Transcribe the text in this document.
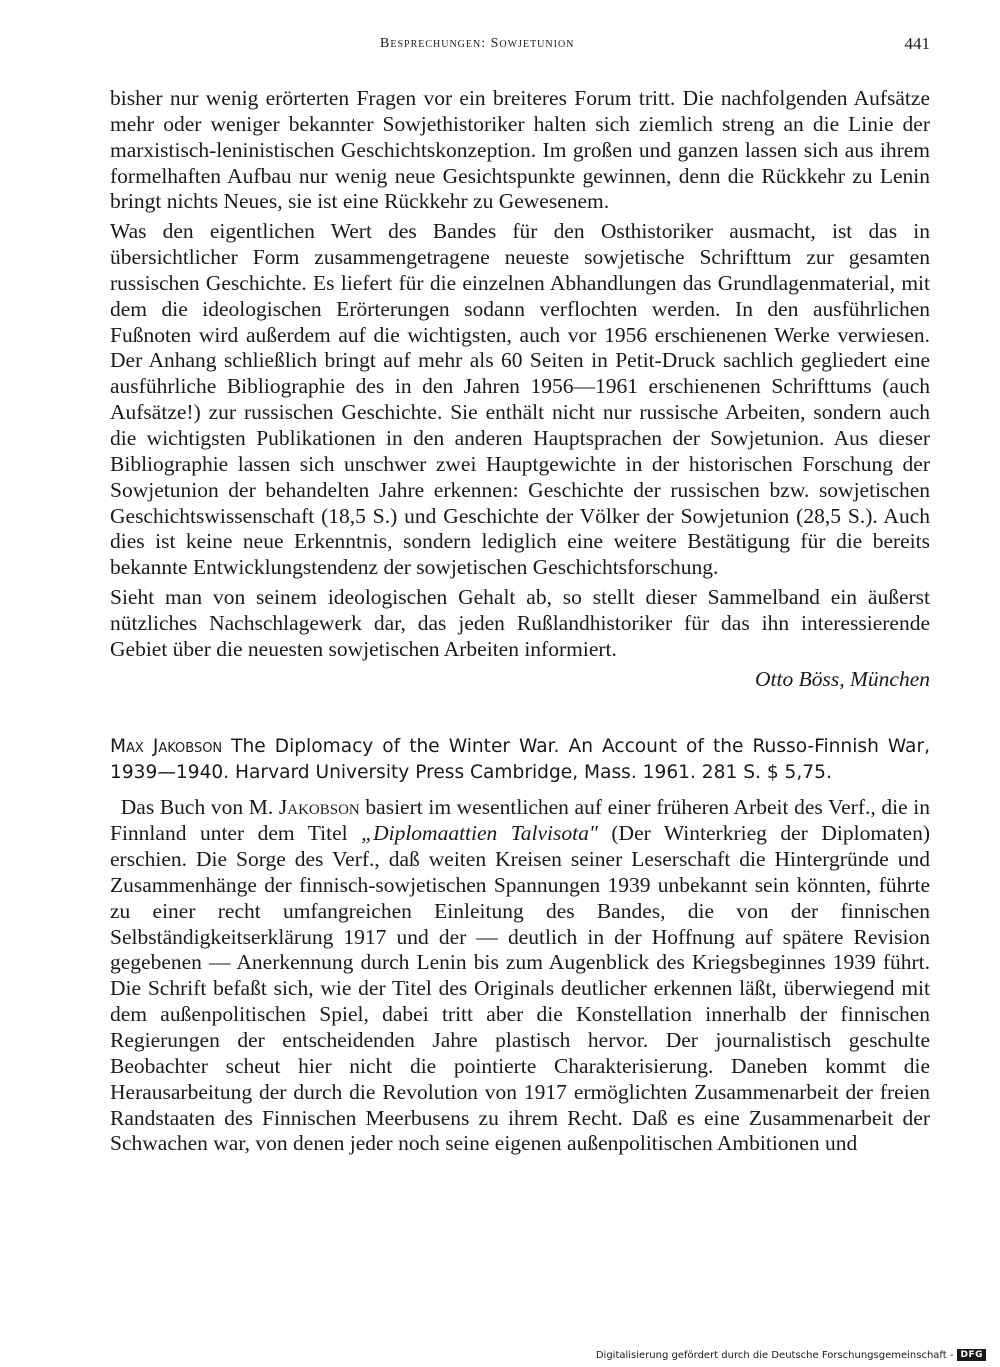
Besprechungen: Sowjetunion	441

bisher nur wenig erörterten Fragen vor ein breiteres Forum tritt. Die nachfolgenden Aufsätze mehr oder weniger bekannter Sowjethistoriker halten sich ziemlich streng an die Linie der marxistisch-leninistischen Geschichtskonzeption. Im großen und ganzen lassen sich aus ihrem formelhaften Aufbau nur wenig neue Gesichtspunkte gewinnen, denn die Rückkehr zu Lenin bringt nichts Neues, sie ist eine Rückkehr zu Gewesenem.

Was den eigentlichen Wert des Bandes für den Osthistoriker ausmacht, ist das in übersichtlicher Form zusammengetragene neueste sowjetische Schrifttum zur gesamten russischen Geschichte. Es liefert für die einzelnen Abhandlungen das Grundlagenmaterial, mit dem die ideologischen Erörterungen sodann verflochten werden. In den ausführlichen Fußnoten wird außerdem auf die wichtigsten, auch vor 1956 erschienenen Werke verwiesen. Der Anhang schließlich bringt auf mehr als 60 Seiten in Petit-Druck sachlich gegliedert eine ausführliche Bibliographie des in den Jahren 1956—1961 erschienenen Schrifttums (auch Aufsätze!) zur russischen Geschichte. Sie enthält nicht nur russische Arbeiten, sondern auch die wichtigsten Publikationen in den anderen Hauptsprachen der Sowjetunion. Aus dieser Bibliographie lassen sich unschwer zwei Hauptgewichte in der historischen Forschung der Sowjetunion der behandelten Jahre erkennen: Geschichte der russischen bzw. sowjetischen Geschichtswissenschaft (18,5 S.) und Geschichte der Völker der Sowjetunion (28,5 S.). Auch dies ist keine neue Erkenntnis, sondern lediglich eine weitere Bestätigung für die bereits bekannte Entwicklungstendenz der sowjetischen Geschichtsforschung.

Sieht man von seinem ideologischen Gehalt ab, so stellt dieser Sammelband ein äußerst nützliches Nachschlagewerk dar, das jeden Rußlandhistoriker für das ihn interessierende Gebiet über die neuesten sowjetischen Arbeiten informiert.

Otto Böss, München

Max Jakobson The Diplomacy of the Winter War. An Account of the Russo-Finnish War, 1939—1940. Harvard University Press Cambridge, Mass. 1961. 281 S. $ 5,75.

 Das Buch von M. Jakobson basiert im wesentlichen auf einer früheren Arbeit des Verf., die in Finnland unter dem Titel „Diplomaattien Talvisota" (Der Winterkrieg der Diplomaten) erschien. Die Sorge des Verf., daß weiten Kreisen seiner Leserschaft die Hintergründe und Zusammenhänge der finnisch-sowjetischen Spannungen 1939 unbekannt sein könnten, führte zu einer recht umfangreichen Einleitung des Bandes, die von der finnischen Selbständigkeitserklärung 1917 und der — deutlich in der Hoffnung auf spätere Revision gegebenen — Anerkennung durch Lenin bis zum Augenblick des Kriegsbeginnes 1939 führt. Die Schrift befaßt sich, wie der Titel des Originals deutlicher erkennen läßt, überwiegend mit dem außenpolitischen Spiel, dabei tritt aber die Konstellation innerhalb der finnischen Regierungen der entscheidenden Jahre plastisch hervor. Der journalistisch geschulte Beobachter scheut hier nicht die pointierte Charakterisierung. Daneben kommt die Herausarbeitung der durch die Revolution von 1917 ermöglichten Zusammenarbeit der freien Randstaaten des Finnischen Meerbusens zu ihrem Recht. Daß es eine Zusammenarbeit der Schwachen war, von denen jeder noch seine eigenen außenpolitischen Ambitionen und

Digitalisierung gefördert durch die Deutsche Forschungsgemeinschaft - DFG
